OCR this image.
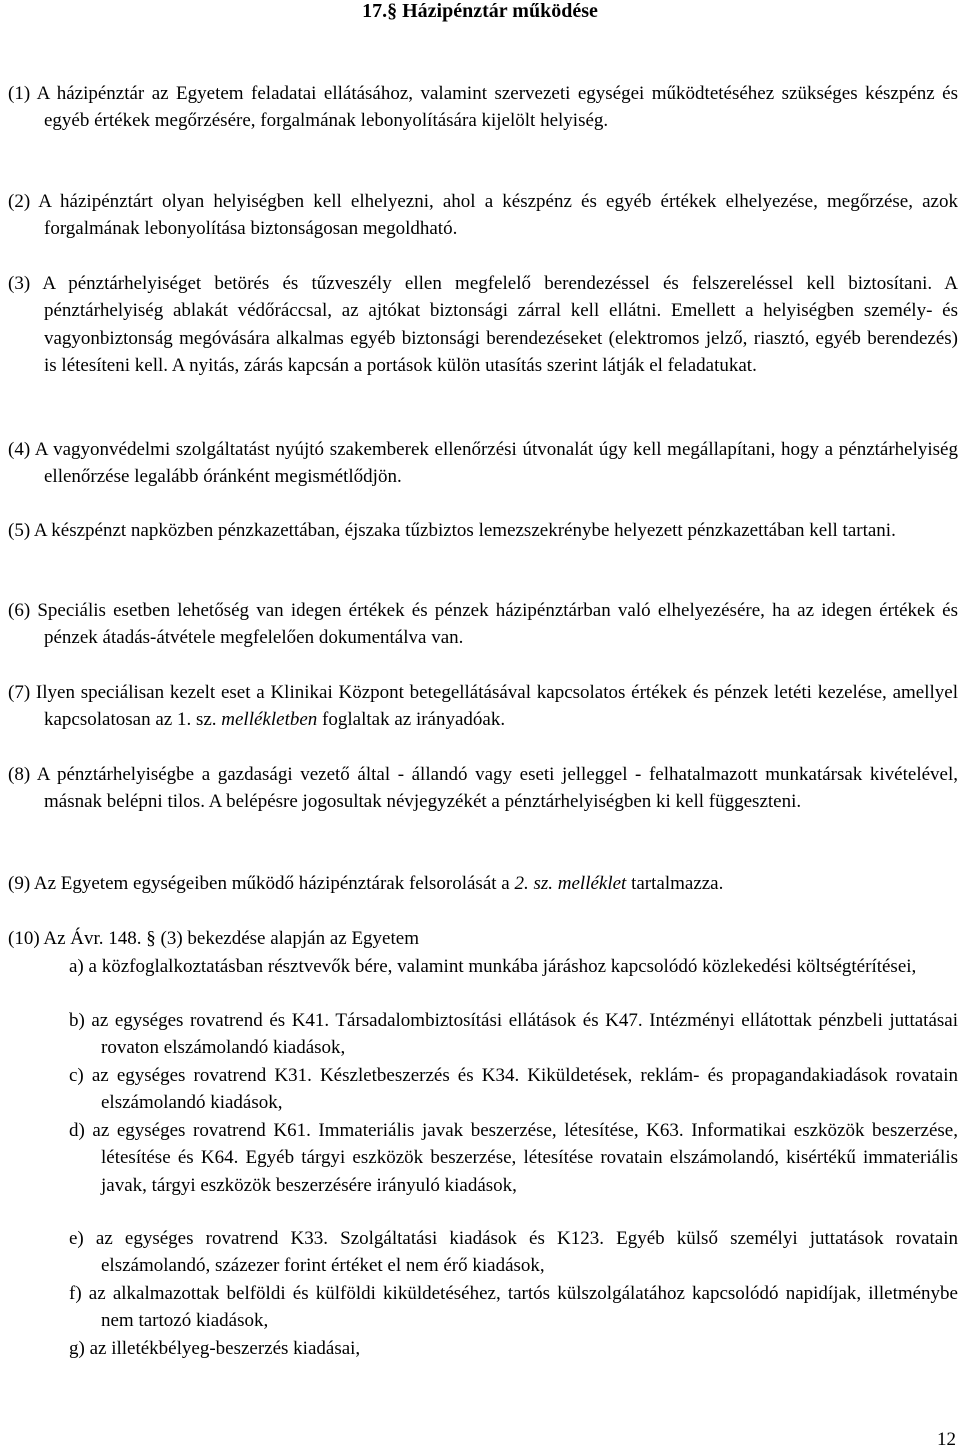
17.§ Házipénztár működése
(1) A házipénztár az Egyetem feladatai ellátásához, valamint szervezeti egységei működtetéséhez szükséges készpénz és egyéb értékek megőrzésére, forgalmának lebonyolítására kijelölt helyiség.
(2) A házipénztárt olyan helyiségben kell elhelyezni, ahol a készpénz és egyéb értékek elhelyezése, megőrzése, azok forgalmának lebonyolítása biztonságosan megoldható.
(3) A pénztárhelyiséget betörés és tűzveszély ellen megfelelő berendezéssel és felszereléssel kell biztosítani. A pénztárhelyiség ablakát védőráccsal, az ajtókat biztonsági zárral kell ellátni. Emellett a helyiségben személy- és vagyonbiztonság megóvására alkalmas egyéb biztonsági berendezéseket (elektromos jelző, riasztó, egyéb berendezés) is létesíteni kell. A nyitás, zárás kapcsán a portások külön utasítás szerint látják el feladatukat.
(4) A vagyonvédelmi szolgáltatást nyújtó szakemberek ellenőrzési útvonalát úgy kell megállapítani, hogy a pénztárhelyiség ellenőrzése legalább óránként megismétlődjön.
(5) A készpénzt napközben pénzkazettában, éjszaka tűzbiztos lemezszekrénybe helyezett pénzkazettában kell tartani.
(6) Speciális esetben lehetőség van idegen értékek és pénzek házipénztárban való elhelyezésére, ha az idegen értékek és pénzek átadás-átvétele megfelelően dokumentálva van.
(7) Ilyen speciálisan kezelt eset a Klinikai Központ betegellátásával kapcsolatos értékek és pénzek letéti kezelése, amellyel kapcsolatosan az 1. sz. mellékletben foglaltak az irányadóak.
(8) A pénztárhelyiségbe a gazdasági vezető által - állandó vagy eseti jelleggel - felhatalmazott munkatársak kivételével, másnak belépni tilos. A belépésre jogosultak névjegyzékét a pénztárhelyiségben ki kell függeszteni.
(9) Az Egyetem egységeiben működő házipénztárak felsorolását a 2. sz. melléklet tartalmazza.
(10) Az Ávr. 148. § (3) bekezdése alapján az Egyetem
a) a közfoglalkoztatásban résztvevők bére, valamint munkába járáshoz kapcsolódó közlekedési költségtérítései,
b) az egységes rovatrend és K41. Társadalombiztosítási ellátások és K47. Intézményi ellátottak pénzbeli juttatásai rovaton elszámolandó kiadások,
c) az egységes rovatrend K31. Készletbeszerzés és K34. Kiküldetések, reklám- és propagandakiadások rovatain elszámolandó kiadások,
d) az egységes rovatrend K61. Immateriális javak beszerzése, létesítése, K63. Informatikai eszközök beszerzése, létesítése és K64. Egyéb tárgyi eszközök beszerzése, létesítése rovatain elszámolandó, kisértékű immateriális javak, tárgyi eszközök beszerzésére irányuló kiadások,
e) az egységes rovatrend K33. Szolgáltatási kiadások és K123. Egyéb külső személyi juttatások rovatain elszámolandó, százezer forint értéket el nem érő kiadások,
f) az alkalmazottak belföldi és külföldi kiküldetéséhez, tartós külszolgálatához kapcsolódó napidíjak, illetménybe nem tartozó kiadások,
g) az illetékbélyeg-beszerzés kiadásai,
12
